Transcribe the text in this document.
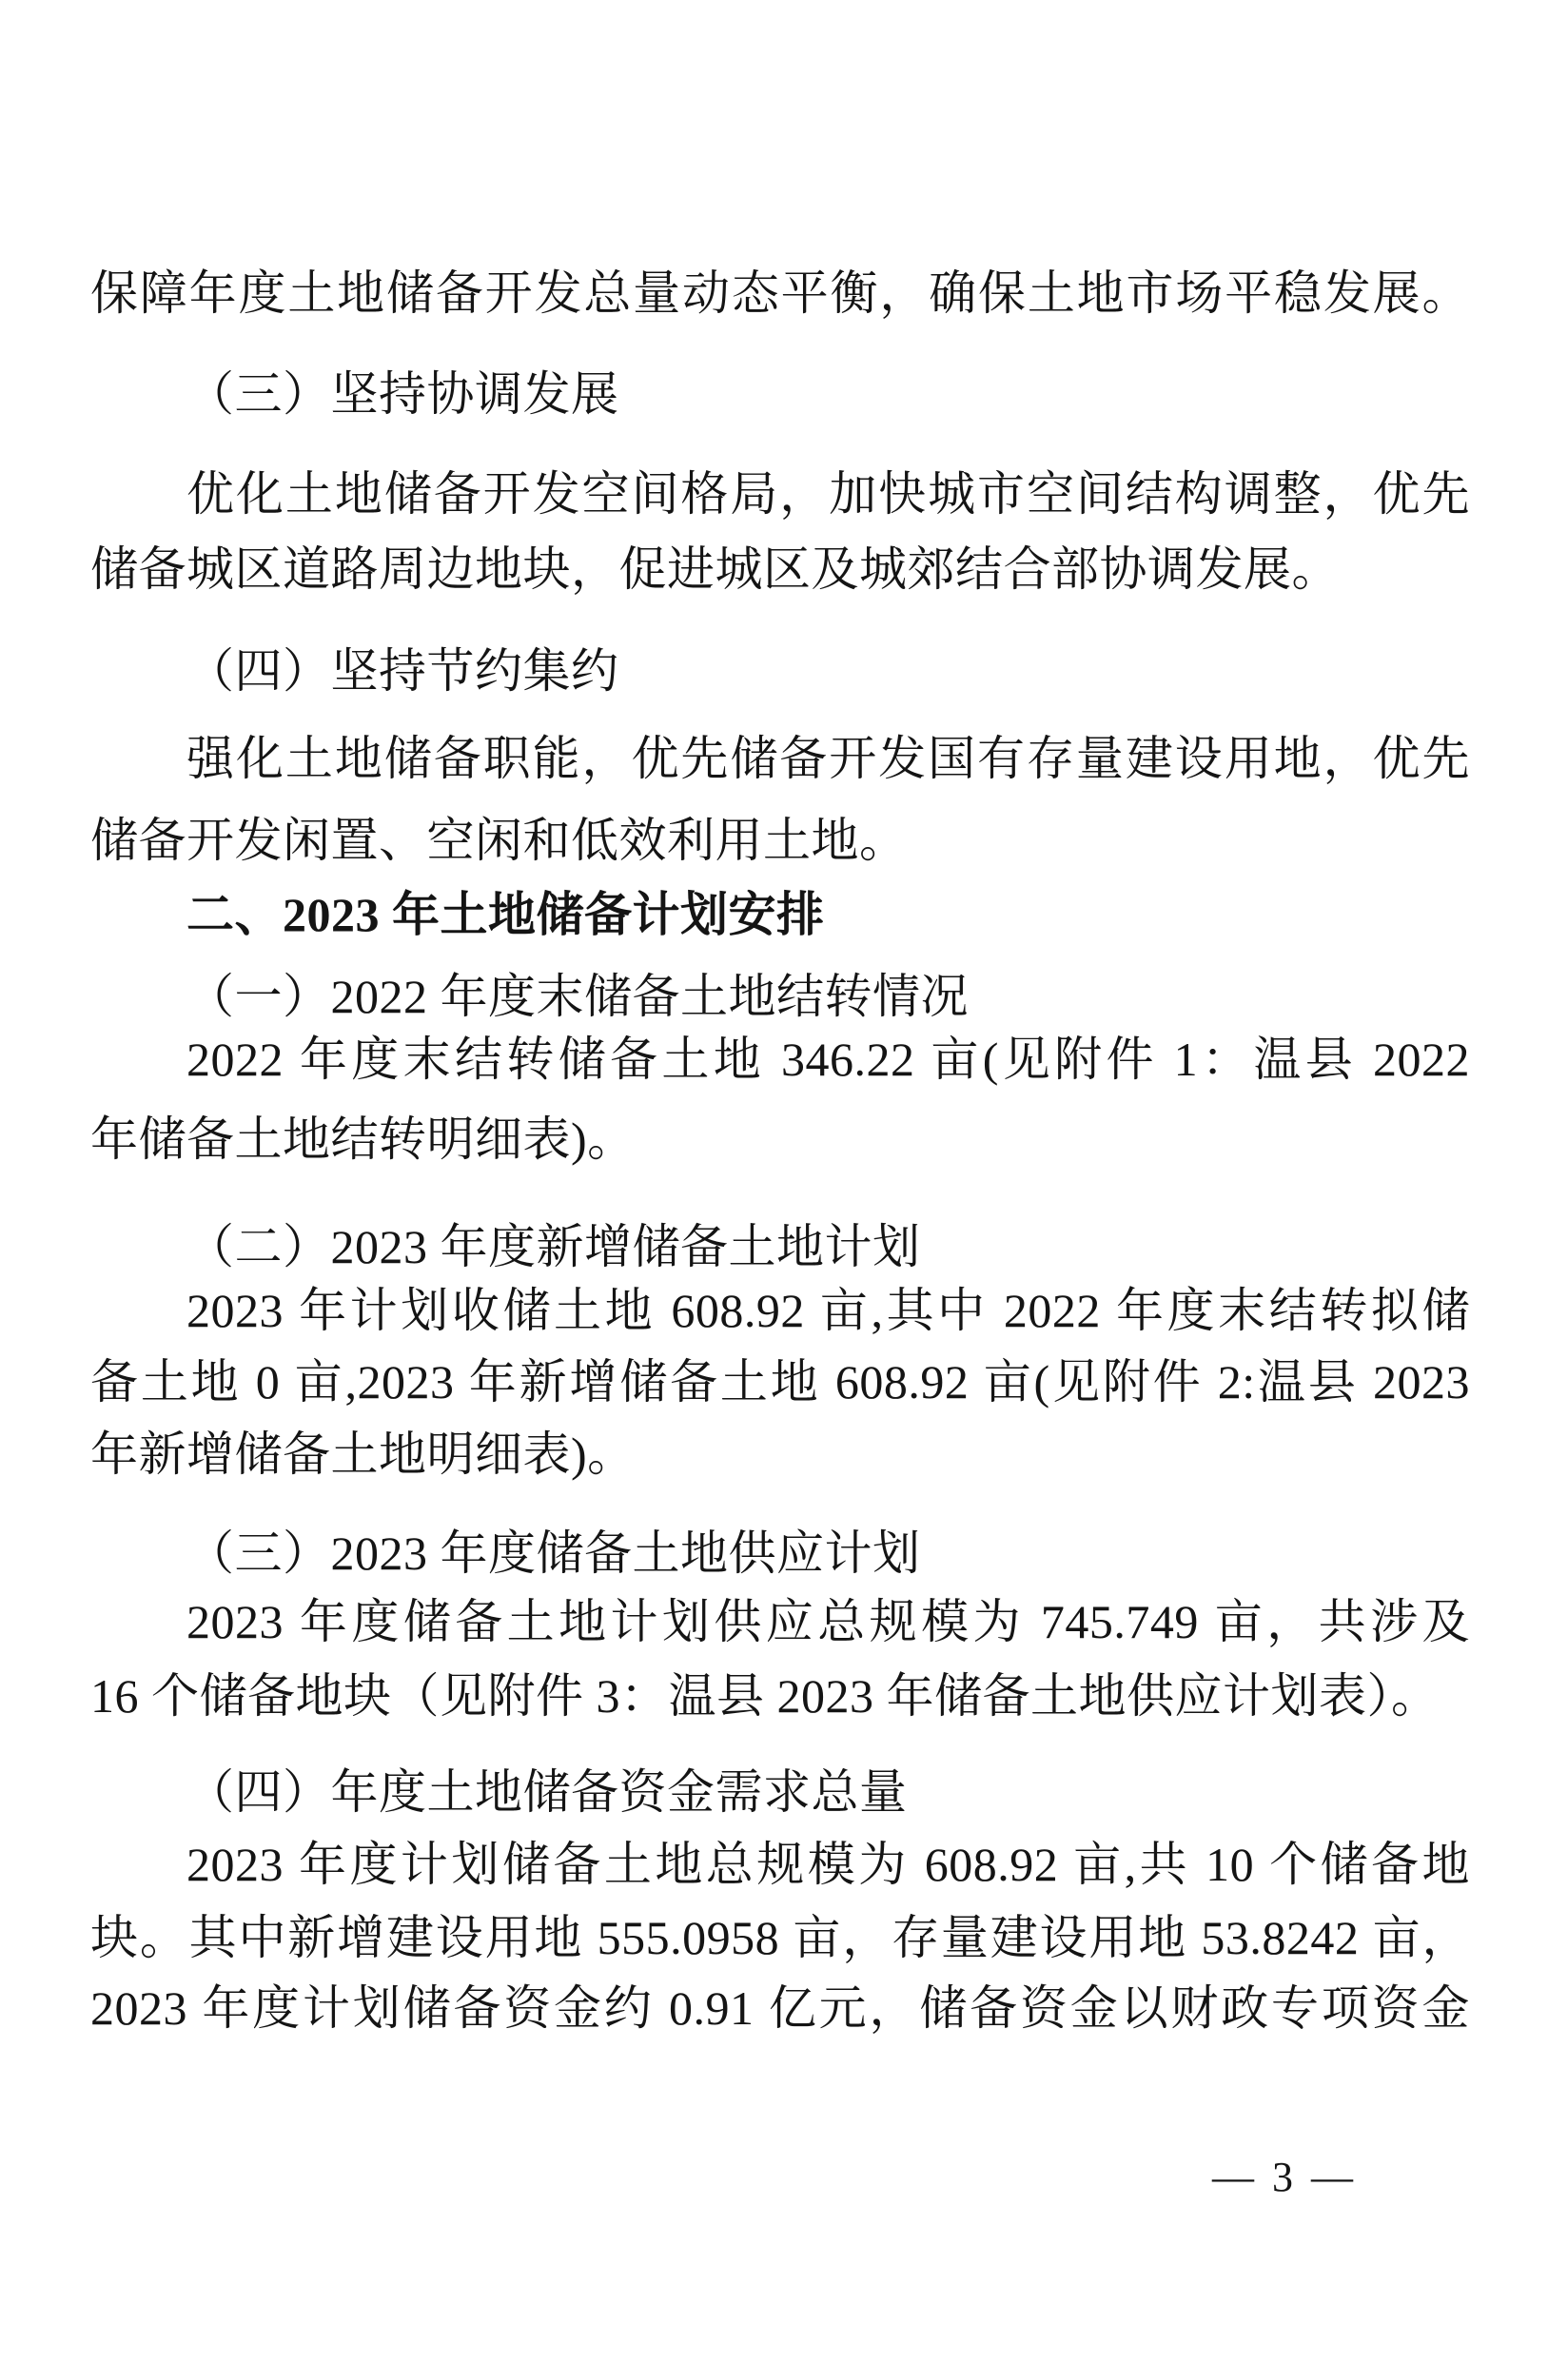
保障年度土地储备开发总量动态平衡，确保土地市场平稳发展。
（三）坚持协调发展
优化土地储备开发空间格局，加快城市空间结构调整，优先
储备城区道路周边地块，促进城区及城郊结合部协调发展。
（四）坚持节约集约
强化土地储备职能，优先储备开发国有存量建设用地，优先
储备开发闲置、空闲和低效利用土地。
二、2023 年土地储备计划安排
（一）2022 年度末储备土地结转情况
2022 年度末结转储备土地 346.22 亩(见附件 1：温县 2022
年储备土地结转明细表)。
（二）2023 年度新增储备土地计划
2023 年计划收储土地 608.92 亩,其中 2022 年度末结转拟储
备土地 0 亩,2023 年新增储备土地 608.92 亩(见附件 2:温县 2023
年新增储备土地明细表)。
（三）2023 年度储备土地供应计划
2023 年度储备土地计划供应总规模为 745.749 亩，共涉及
16 个储备地块（见附件 3：温县 2023 年储备土地供应计划表）。
（四）年度土地储备资金需求总量
2023 年度计划储备土地总规模为 608.92 亩,共 10 个储备地
块。其中新增建设用地 555.0958 亩，存量建设用地 53.8242 亩，
2023 年度计划储备资金约 0.91 亿元，储备资金以财政专项资金
— 3 —
